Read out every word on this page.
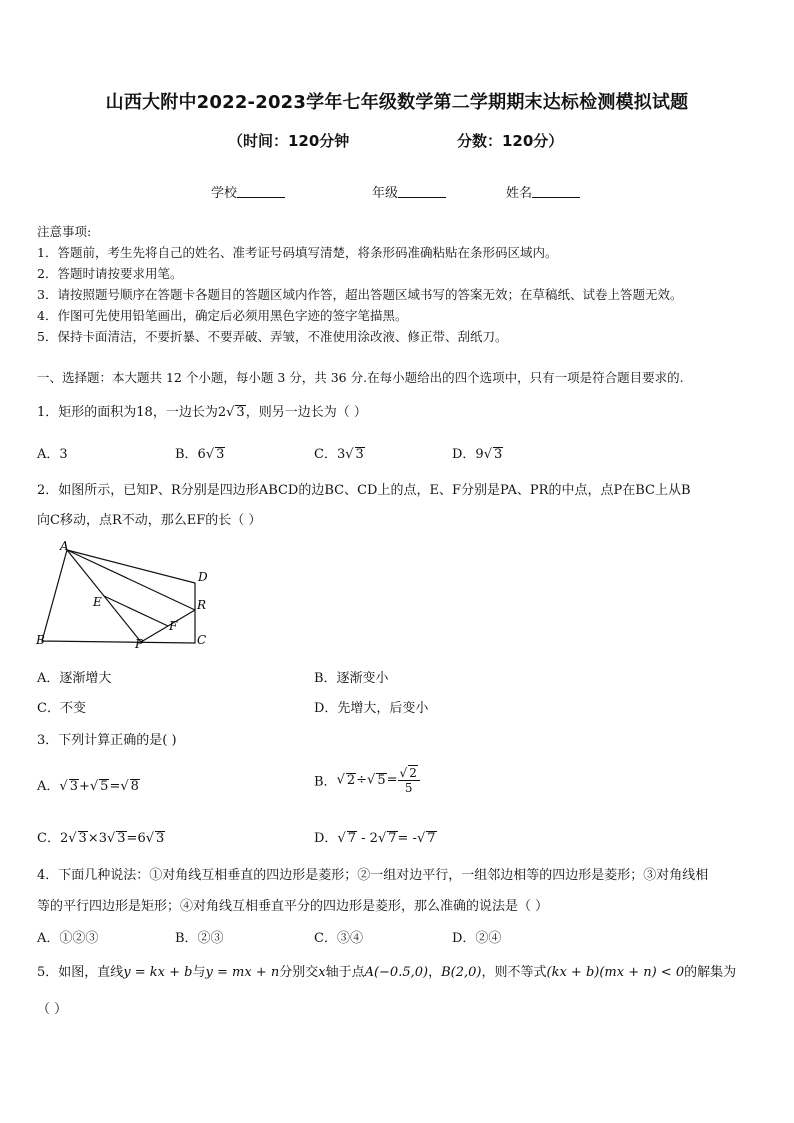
山西大附中2022-2023学年七年级数学第二学期期末达标检测模拟试题
（时间：120分钟	分数：120分）
学校	年级	姓名
注意事项:
1．答题前，考生先将自己的姓名、准考证号码填写清楚，将条形码准确粘贴在条形码区域内。
2．答题时请按要求用笔。
3．请按照题号顺序在答题卡各题目的答题区域内作答，超出答题区域书写的答案无效；在草稿纸、试卷上答题无效。
4．作图可先使用铅笔画出，确定后必须用黑色字迹的签字笔描黑。
5．保持卡面清洁，不要折暴、不要弄破、弄皱，不准使用涂改液、修正带、刮纸刀。
一、选择题：本大题共 12 个小题，每小题 3 分，共 36 分.在每小题给出的四个选项中，只有一项是符合题目要求的.
1．矩形的面积为18，一边长为2√ 3，则另一边长为（ ）
A．3	B．6√ 3	C．3√ 3	D．9√ 3
2．如图所示，已知P、R分别是四边形ABCD的边BC、CD上的点，E、F分别是PA、PR的中点，点P在BC上从B
向C移动，点R不动，那么EF的长（ ）
A
D
R
E
F
B	P	C
A．逐渐增大	B．逐渐变小
C．不变	D．先增大，后变小
3．下列计算正确的是( )
A．√ 3+√ 5=√ 8	B．√ 2÷√ $5= \frac{√ 2}{5}$
C．2√ 3×3√ 3=6√ 3	D．√ 7 - 2√ 7= -√ 7
4．下面几种说法：①对角线互相垂直的四边形是菱形；②一组对边平行，一组邻边相等的四边形是菱形；③对角线相
等的平行四边形是矩形；④对角线互相垂直平分的四边形是菱形，那么准确的说法是（ ）
A．①②③	B．②③	C．③④	D．②④
5．如图，直线y = kx + b与y = mx + n分别交x轴于点A(−0.5,0)，B(2,0)，则不等式(kx + b)(mx + n) < 0的解集为
（ ）
